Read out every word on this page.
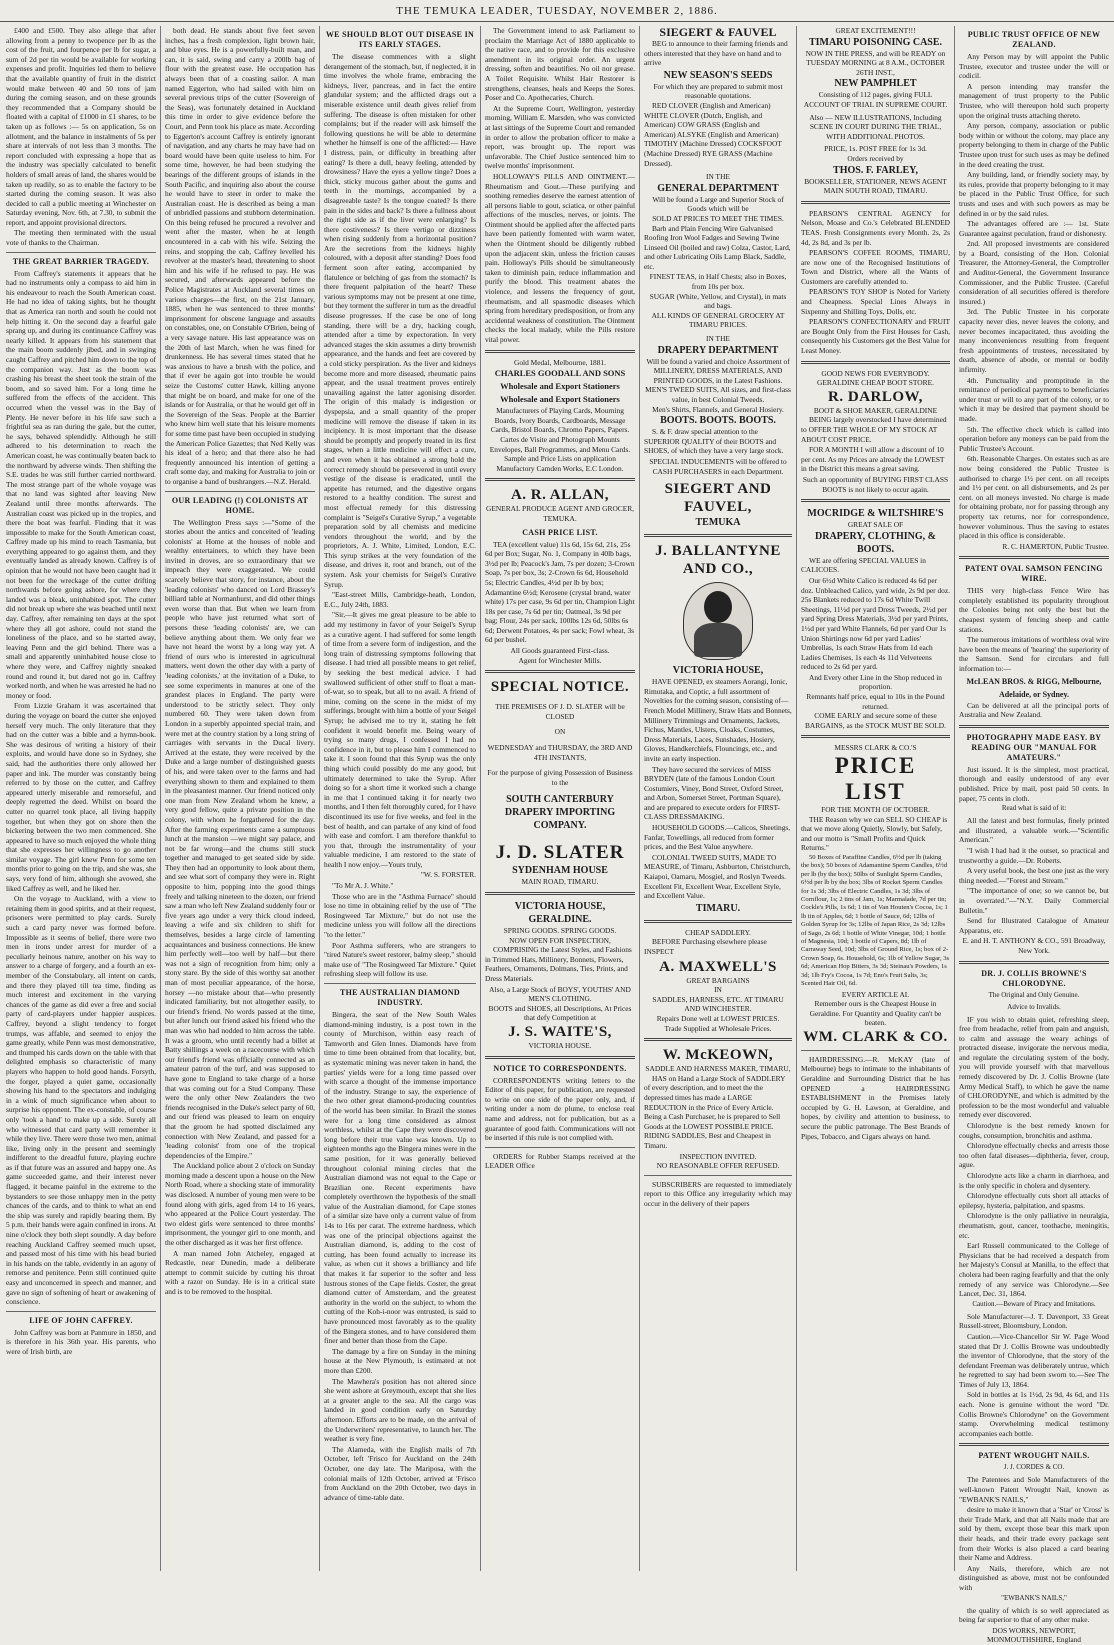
THE TEMUKA LEADER, TUESDAY, NOVEMBER 2, 1886.

£400 and £500. They also allege that after allowing from a penny to twopence per lb as the cost of the fruit, and fourpence per lb for sugar, a sum of 2d per tin would be available for working expenses and profit. Inquiries led them to believe that the available quantity of fruit in the district would make between 40 and 50 tons of jam during the coming season, and on these grounds they recommended that a Company should be floated with a capital of £1000 in £1 shares, to be taken up as follows :— 5s on application, 5s on allotment, and the balance in instalments of 5s per share at intervals of not less than 3 months. The report concluded with expressing a hope that as the industry was specially calculated to benefit holders of small areas of land, the shares would be taken up readily, so as to enable the factory to be started during the coming season. It was also decided to call a public meeting at Winchester on Saturday evening, Nov. 6th, at 7.30, to submit the report, and appoint provisional directors.

The meeting then terminated with the usual vote of thanks to the Chairman.

THE GREAT BARRIER TRAGEDY.

From Caffrey's statements it appears that he had no instruments only a compass to aid him in his endeavour to reach the South American coast. He had no idea of taking sights, but he thought that as America ran north and south he could not help hitting it. On the second day a fearful gale sprang up, and during its continuance Caffrey was nearly killed. It appears from his statement that the main boom suddenly jibed, and in swinging caught Caffrey and pitched him down to the top of the companion way. Just as the boom was crashing his breast the sheet took the strain of the boom, and so saved him. For a long time he suffered from the effects of the accident. This occurred when the vessel was in the Bay of Plenty. He never before in his life saw such a frightful sea as ran during the gale, but the cutter, he says, behaved splendidly. Although he still adhered to his determination to reach the American coast, he was continually beaten back to the northward by adverse winds. Then shifting the S.E. trades he was still further carried northward. The most strange part of the whole voyage was that no land was sighted after leaving New Zealand until three months afterwards. The Australian coast was picked up in the tropics, and there the boat was fearful. Finding that it was impossible to make for the South American coast, Caffrey made up his mind to reach Tasmania, but everything appeared to go against them, and they eventually landed as already known. Caffrey is of opinion that he would not have been caught had it not been for the wreckage of the cutter drifting northwards before going ashore, for where they landed was a bleak, uninhabited spot. The cutter did not break up where she was beached until next day. Caffrey, after remaining ten days at the spot where they all got ashore, could not stand the loneliness of the place, and so he started away, leaving Penn and the girl behind. There was a small and apparently uninhabited house close to where they were, and Caffrey nightly sneaked round and round it, but dared not go in. Caffrey worked north, and when he was arrested he had no money or food.

From Lizzie Graham it was ascertained that during the voyage on board the cutter she enjoyed herself very much. The only literature that they had on the cutter was a bible and a hymn-book. She was desirous of writing a history of their exploits, and would have done so in Sydney, she said, had the authorities there only allowed her paper and ink. The murder was constantly being referred to by those on the cutter, and Caffrey appeared utterly miserable and remorseful, and deeply regretted the deed. Whilst on board the cutter no quarrel took place, all living happily together, but when they got on shore then the bickering between the two men commenced. She appeared to have so much enjoyed the whole thing that she expresses her willingness to go another similar voyage. The girl knew Penn for some ten months prior to going on the trip, and she was, she says, very fond of him, although she avowed, she liked Caffrey as well, and he liked her.

On the voyage to Auckland, with a view to retaining them in good spirits, and at their request, prisoners were permitted to play cards. Surely such a card party never was formed before. Impossible as it seems of belief, there were two men in irons under arrest for murder of a peculiarly heinous nature, another on his way to answer to a charge of forgery, and a fourth an ex-member of the Constabulary, all intent on cards, and there they played till tea time, finding as much interest and excitement in the varying chances of the game as did ever a free and social party of card-players under happier auspices. Caffrey, beyond a slight tendency to forget trumps, was affable, and seemed to enjoy the game greatly, while Penn was most demonstrative, and thumped his cards down on the table with that delighted emphasis so characteristic of many players who happen to hold good hands. Forsyth, the forger, played a quiet game, occasionally showing his hand to the spectators and indulging in a wink of much significance when about to surprise his opponent. The ex-constable, of course only 'took a hand' to make up a side. Surely all who witnessed that card party will remember it while they live. There were those two men, animal like, living only in the present and seemingly indifferent to the dreadful future, playing euchre as if that future was an assured and happy one. As game succeeded game, and their interest never flagged, it became painful in the extreme to the bystanders to see those unhappy men in the petty chances of the cards, and to think to what an end the ship was surely and rapidly bearing them. By 5 p.m. their hands were again confined in irons. At nine o'clock they both slept soundly. A day before reaching Auckland Caffrey seemed much upset, and passed most of his time with his head buried in his hands on the table, evidently in an agony of remorse and penitence. Penn still continued quite easy and unconcerned in speech and manner, and gave no sign of softening of heart or awakening of conscience.

LIFE OF JOHN CAFFREY.

John Caffrey was born at Panmure in 1850, and is therefore in his 36th year. His parents, who were of Irish birth, are

both dead. He stands about five feet seven inches, has a fresh complexion, light brown hair, and blue eyes. He is a powerfully-built man, and can, it is said, swing and carry a 200lb bag of flour with the greatest ease. He occupation has always been that of a coasting sailor. A man named Eggerton, who had sailed with him on several previous trips of the cutter (Sovereign of the Seas), was fortunately detained in Auckland this time in order to give evidence before the Court, and Penn took his place as mate. According to Eggerton's account Caffrey is entirely ignorant of navigation, and any charts he may have had on board would have been quite useless to him. For some time, however, he had been studying the bearings of the different groups of islands in the South Pacific, and inquiring also about the course he would have to steer in order to make the Australian coast. He is described as being a man of unbridled passions and stubborn determination. On this being refused he procured a revolver and went after the master, when he at length encountered in a cab with his wife. Seizing the reins, and stopping the cab, Caffrey levelled his revolver at the master's head, threatening to shoot him and his wife if he refused to pay. He was secured, and afterwards appeared before the Police Magistrates at Auckland several times on various charges—the first, on the 21st January, 1885, when he was sentenced to three months' imprisonment for obscene language and assaults on constables, one, on Constable O'Brien, being of a very savage nature. His last appearance was on the 20th of last March, when he was fined for drunkenness. He has several times stated that he was anxious to have a brush with the police, and that if ever he again got into trouble he would seize the Customs' cutter Hawk, killing anyone that might be on board, and make for one of the islands or for Australia, or that he would get off in the Sovereign of the Seas. People at the Barrier who knew him well state that his leisure moments for some time past have been occupied in studying the American Police Gazettes; that Ned Kelly was his ideal of a hero; and that there also he had frequently announced his intention of getting a craft some day, and making for Australia to join or to organise a band of bushrangers.—N.Z. Herald.

OUR LEADING (!) COLONISTS AT HOME.

The Wellington Press says :—"Some of the stories about the antics and conceited of 'leading colonists' at Home at the houses of noble and wealthy entertainers, to which they have been invited in droves, are so extraordinary that we impeach they were exaggerated. We could scarcely believe that story, for instance, about the 'leading colonists' who danced on Lord Brassey's billiard table at Normanhurst, and did other things even worse than that. But when we learn from people who have just returned what sort of persons these 'leading colonists' are, we can believe anything about them. We only fear we have not heard the worst by a long way yet. A friend of ours who is interested in agricultural matters, went down the other day with a party of 'leading colonists,' at the invitation of a Duke, to see some experiments in manures at one of the grandest places in England. The party were understood to be strictly select. They only numbered 60. They were taken down from London in a superbly appointed special train, and were met at the country station by a long string of carriages with servants in the Ducal livery. Arrived at the estate, they were received by the Duke and a large number of distinguished guests of his, and were taken over to the farms and had everything shown to them and explained to them in the pleasantest manner. Our friend noticed only one man from New Zealand whom he knew, a very good fellow, quite a private position in the colony, with whom he forgathered for the day. After the farming experiments came a sumptuous lunch at the mansion —we might say palace, and not be far wrong—and the chums still stuck together and managed to get seated side by side. They then had an opportunity to look about them, and see what sort of company they were in. Right opposite to him, popping into the good things freely and talking nineteen to the dozen, our friend saw a man who left New Zealand suddenly four or five years ago under a very thick cloud indeed, leaving a wife and six children to shift for themselves, besides a large circle of lamenting acquaintances and business connections. He knew him perfectly well—too well by half—but there was not a sign of recognition from him; only a stony stare. By the side of this worthy sat another man of most peculiar appearance, of the horse, horsey —no mistake about that—who presently indicated familiarity, but not altogether easily, to our friend's friend. No words passed at the time, but after lunch our friend asked his friend who the man was who had nodded to him across the table. It was a groom, who until recently had a billet at Batty shillings a week on a racecourse with which our friend's friend was officially connected as an amateur patron of the turf, and was supposed to have gone to England to take charge of a horse that was coming out for a Stud Company. These were the only other New Zealanders the two friends recognised in the Duke's select party of 60, and our friend was pleased to learn on enquiry that the groom he had spotted disclaimed any connection with New Zealand, and passed for a 'leading colonist' from one of the tropical dependencies of the Empire."

The Auckland police about 2 o'clock on Sunday morning made a descent upon a house on the New North Road, where a shocking state of immorality was disclosed. A number of young men were to be found along with girls, aged from 14 to 16 years, who appeared at the Police Court yesterday. The two eldest girls were sentenced to three months' imprisonment, the younger girl to one month, and the other discharged as it was her first offence.

A man named John Atcheley, engaged at Redcastle, near Dunedin, made a deliberate attempt to commit suicide by cutting his throat with a razor on Sunday. He is in a critical state and is to be removed to the hospital.

WE SHOULD BLOT OUT DISEASE IN ITS EARLY STAGES.

The disease commences with a slight derangement of the stomach, but, if neglected, it in time involves the whole frame, embracing the kidneys, liver, pancreas, and in fact the entire glandular system; and the afflicted drags out a miserable existence until death gives relief from suffering. The disease is often mistaken for other complaints; but if the reader will ask himself the following questions he will be able to determine whether he himself is one of the afflicted:— Have I distress, pain, or difficulty in breathing after eating? Is there a dull, heavy feeling, attended by drowsiness? Have the eyes a yellow tinge? Does a thick, sticky mucous gather about the gums and teeth in the mornings, accompanied by a disagreeable taste? Is the tongue coated? Is there pain in the sides and back? Is there a fullness about the right side as if the liver were enlarging? Is there costiveness? Is there vertigo or dizziness when rising suddenly from a horizontal position? Are the secretions from the kidneys highly coloured, with a deposit after standing? Does food ferment soon after eating, accompanied by flatulence or belching of gas from the stomach? Is there frequent palpitation of the heart? These various symptoms may not be present at one time, but they torment the sufferer in turn as the dreadful disease progresses. If the case be one of long standing, there will be a dry, hacking cough, attended after a time by expectoration. In very advanced stages the skin assumes a dirty brownish appearance, and the hands and feet are covered by a cold sticky perspiration. As the liver and kidneys become more and more diseased, rheumatic pains appear, and the usual treatment proves entirely unavailing against the latter agonising disorder. The origin of this malady is indigestion or dyspepsia, and a small quantity of the proper medicine will remove the disease if taken in its incipiency. It is most important that the disease should be promptly and properly treated in its first stages, when a little medicine will effect a cure, and even when it has obtained a strong hold the correct remedy should be persevered in until every vestige of the disease is eradicated, until the appetite has returned, and the digestive organs restored to a healthy condition. The surest and most effectual remedy for this distressing complaint is "Seigel's Curative Syrup," a vegetable preparation sold by all chemists and medicine vendors throughout the world, and by the proprietors, A. J. White, Limited, London, E.C. This syrup strikes at the very foundation of the disease, and drives it, root and branch, out of the system. Ask your chemists for Seigel's Curative Syrup.

"East-street Mills, Cambridge-heath, London, E.C., July 24th, 1883.

"Sir,—It gives me great pleasure to be able to add my testimony in favor of your Seigel's Syrup as a curative agent. I had suffered for some length of time from a severe form of indigestion, and the long train of distressing symptoms following that disease. I had tried all possible means to get relief, by seeking the best medical advice. I had swallowed sufficient of other stuff to float a man-of-war, so to speak, but all to no avail. A friend of mine, coming on the scene in the midst of my sufferings, brought with him a bottle of your Seigel Syrup; he advised me to try it, stating he felt confident it would benefit me. Being weary of trying so many drugs, I confessed I had no confidence in it, but to please him I commenced to take it. I soon found that this Syrup was the only thing which could possibly do me any good, but ultimately determined to take the Syrup. After doing so for a short time it worked such a change in me that I continued taking it for nearly two months, and I then felt thoroughly cured, for I have discontinued its use for five weeks, and feel in the best of health, and can partake of any kind of food with ease and comfort. I am therefore thankful to you that, through the instrumentality of your valuable medicine, I am restored to the state of health I now enjoy.—Yours truly,

"W. S. FORSTER.

"To Mr A. J. White."

Those who are in the "Asthma Furnace" should lose no time in obtaining relief by the use of "The Rosingweed Tar Mixture," but do not use the medicine unless you will follow all the directions "to the letter."

Poor Asthma sufferers, who are strangers to "tired Nature's sweet restorer, balmy sleep," should make use of "The Rosingweed Tar Mixture." Quiet refreshing sleep will follow its use.

THE AUSTRALIAN DIAMOND INDUSTRY.

Bingera, the seat of the New South Wales diamond-mining industry, is a post town in the county of Murchison, within easy reach of Tamworth and Glen Innes. Diamonds have from time to time been obtained from that locality, but, as systematic mining was never taken in hand, the parties' yields were for a long time passed over with scarce a thought of the immense importance of the industry. Strange to say, the experience of the two other great diamond-producing countries of the world has been similar. In Brazil the stones were for a long time considered as almost worthless, whilst at the Cape they were discovered long before their true value was known. Up to eighteen months ago the Bingera mines were in the same position, for it was generally believed throughout colonial mining circles that the Australian diamond was not equal to the Cape or Brazilian one. Recent experiments have completely overthrown the hypothesis of the small value of the Australian diamond, for Cape stones of a similar size have only a current value of from 14s to 16s per carat. The extreme hardness, which was one of the principal objections against the Australian diamond, is, adding to the cost of cutting, has been found actually to increase its value, as when cut it shows a brilliancy and life that makes it far superior to the softer and less lustrous stones of the Cape fields. Coster, the great diamond cutter of Amsterdam, and the greatest authority in the world on the subject, to whom the cutting of the Koh-i-noor was entrusted, is said to have pronounced most favorably as to the quality of the Bingera stones, and to have considered them finer and better than those from the Cape.

The damage by a fire on Sunday in the mining house at the New Plymouth, is estimated at not more than £200.

The Mawhera's position has not altered since she went ashore at Greymouth, except that she lies at a greater angle to the sea. All the cargo was landed in good condition early on Saturday afternoon. Efforts are to be made, on the arrival of the Underwriters' representative, to launch her. The weather is very fine.

The Alameda, with the English mails of 7th October, left 'Frisco for Auckland on the 24th October, one day late. The Mariposa, with the colonial mails of 12th October, arrived at 'Frisco from Auckland on the 20th October, two days in advance of time-table date.

The Government intend to ask Parliament to proclaim the Marriage Act of 1880 applicable to the native race, and to provide for this exclusive amendment in its original order. An urgent dressing, soften and beautifies. No oil nor grease. A Toilet Requisite. Whilst Hair Restorer is strengthens, cleanses, heals and Keeps the Sores. Poser and Co. Apothecaries, Church.

At the Supreme Court, Wellington, yesterday morning, William E. Marsden, who was convicted at last sittings of the Supreme Court and remanded in order to allow the probation officer to make a report, was brought up. The report was unfavorable. The Chief Justice sentenced him to twelve months' imprisonment.

HOLLOWAY'S PILLS AND OINTMENT.—Rheumatism and Gout.—These purifying and soothing remedies deserve the earnest attention of all persons liable to gout, sciatica, or other painful affections of the muscles, nerves, or joints. The Ointment should be applied after the affected parts have been patiently fomented with warm water, when the Ointment should be diligently rubbed upon the adjacent skin, unless the friction causes pain. Holloway's Pills should be simultaneously taken to diminish pain, reduce inflammation and purify the blood. This treatment abates the violence, and lessens the frequency of gout, rheumatism, and all spasmodic diseases which spring from hereditary predisposition, or from any accidental weakness of constitution. The Ointment checks the local malady, while the Pills restore vital power.

Gold Medal, Melbourne, 1881.
CHARLES GOODALL AND SONS Wholesale and Export Stationers Wholesale and Export Stationers
Manufacturers of Playing Cards, Mourning Boards, Ivory Boards, Cardboards, Message Cards, Bristol Boards, Chromo Papers, Papers.
Cartes de Visite and Photograph Mounts Envelopes, Ball Programmes, and Menu Cards.
Sample and Price Lists on application
Manufactory Camden Works, E.C London.
A. R. ALLAN,
GENERAL PRODUCE AGENT AND GROCER, TEMUKA.
CASH PRICE LIST.

TEA (excellent value) 11s 6d, 15s 6d, 21s, 25s 6d per Box; Sugar, No. 1, Company in 40lb bags, 3½d per lb; Peacock's Jam, 7s per dozen; 3-Crown Soap, 7s per box, 3s; 2-Crown 6s 6d, Household 5s; Electric Candles, 4½d per lb by box; Adamantine 6½d; Kerosene (crystal brand, water white) 17s per case, 9s 6d per tin, Champion Light 18s per case, 7s 6d per tin; Oatmeal, 3s 9d per bag; Flour, 24s per sack, 100lbs 12s 6d, 50lbs 6s 6d; Derwent Potatoes, 4s per sack; Fowl wheat, 3s 6d per bushel.

All Goods guaranteed First-class.
Agent for Winchester Mills.
SPECIAL NOTICE.
THE PREMISES OF J. D. SLATER will be CLOSED
ON
WEDNESDAY and THURSDAY, the 3RD AND 4TH INSTANTS,
For the purpose of giving Possession of Business to the
SOUTH CANTERBURY DRAPERY IMPORTING COMPANY.
J. D. SLATER
SYDENHAM HOUSE
MAIN ROAD, TIMARU.
VICTORIA HOUSE, GERALDINE.
SPRING GOODS. SPRING GOODS.
NOW OPEN FOR INSPECTION,

COMPRISING the Latest Styles, and Fashions in Trimmed Hats, Millinery, Bonnets, Flowers, Feathers, Ornaments, Dolmans, Ties, Prints, and Dress Materials.

Also, a Large Stock of BOYS', YOUTHS' AND MEN'S CLOTHING.
BOOTS and SHOES, all Descriptions, At Prices that defy Competition at
J. S. WAITE'S,
VICTORIA HOUSE.
NOTICE TO CORRESPONDENTS.

CORRESPONDENTS writing letters to the Editor of this paper, for publication, are requested to write on one side of the paper only, and, if writing under a nom de plume, to enclose real name and address, not for publication, but as a guarantee of good faith. Communications will not be inserted if this rule is not complied with.

ORDERS for Rubber Stamps received at the LEADER Office

SIEGERT & FAUVEL

BEG to announce to their farming friends and others interested that they have on hand and to arrive

NEW SEASON'S SEEDS
For which they are prepared to submit most reasonable quotations.

RED CLOVER (English and American) WHITE CLOVER (Dutch, English, and American) COW GRASS (English and American) ALSYKE (English and American) TIMOTHY (Machine Dressed) COCKSFOOT (Machine Dressed) RYE GRASS (Machine Dressed).

IN THE
GENERAL DEPARTMENT
Will be found a Large and Superior Stock of Goods which will be
SOLD AT PRICES TO MEET THE TIMES.

Barb and Plain Fencing Wire Galvanised Roofing Iron Wool Fadges and Sewing Twine Linseed Oil (boiled and raw) Colza, Castor, Lard, and other Lubricating Oils Lamp Black, Saddle, etc.

FINEST TEAS, in Half Chests; also in Boxes, from 10s per box.
SUGAR (White, Yellow, and Crystal), in mats and bags.
ALL KINDS OF GENERAL GROCERY AT TIMARU PRICES.
IN THE
DRAPERY DEPARTMENT
Will be found a varied and choice Assortment of
MILLINERY, DRESS MATERIALS, AND PRINTED GOODS, in the Latest Fashions.
MEN'S TWEED SUITS, All sizes, and first-class value, in best Colonial Tweeds.
Men's Shirts, Flannels, and General Hosiery.
BOOTS. BOOTS. BOOTS.

S. & F. draw special attention to the SUPERIOR QUALITY of their BOOTS and SHOES, of which they have a very large stock.

SPECIAL INDUCEMENTS will be offered to CASH PURCHASERS in each Department.
SIEGERT AND FAUVEL,
TEMUKA
J. BALLANTYNE AND CO.,
VICTORIA HOUSE,

HAVE OPENED, ex steamers Aorangi, Ionic, Rimutaka, and Coptic, a full assortment of Novelties for the coming season, consisting of—French Model Millinery, Straw Hats and Bonnets, Millinery Trimmings and Ornaments, Jackets, Fichus, Mantles, Ulsters, Cloaks, Costumes, Dress Materials, Laces, Sunshades, Hosiery, Gloves, Handkerchiefs, Flouncings, etc., and invite an early inspection.

They have secured the services of MISS BRYDEN (late of the famous London Court Costumiers, Viney, Bond Street, Oxford Street, and Arbon, Somerset Street, Portman Square), and are prepared to execute orders for FIRST-CLASS DRESSMAKING.

HOUSEHOLD GOODS.—Calicos, Sheetings, Fanfar, Towellings, all reduced from former prices, and the Best Value anywhere.

COLONIAL TWEED SUITS, MADE TO MEASURE, of Timaru, Ashburton, Christchurch, Kaiapoi, Oamaru, Mosgiel, and Roslyn Tweeds. Excellent Fit, Excellent Wear, Excellent Style, and Excellent Value.

TIMARU.
CHEAP SADDLERY.

BEFORE Purchasing elsewhere please INSPECT

A. MAXWELL'S
GREAT BARGAINS
IN
SADDLES, HARNESS, ETC. AT TIMARU AND WINCHESTER.
Repairs Done well at LOWEST PRICES.
Trade Supplied at Wholesale Prices.
W. McKEOWN,
SADDLE AND HARNESS MAKER, TIMARU,

HAS on Hand a Large Stock of SADDLERY of every description, and to meet the the depressed times has made a LARGE REDUCTION in the Price of Every Article. Being a Cash Purchaser, he is prepared to Sell Goods at the LOWEST POSSIBLE PRICE. RIDING SADDLES, Best and Cheapest in Timaru.

INSPECTION INVITED.
NO REASONABLE OFFER REFUSED.

SUBSCRIBERS are requested to immediately report to this Office any irregularity which may occur in the delivery of their papers

GREAT EXCITEMENT!!!
TIMARU POISONING CASE.
NOW IN THE PRESS, and will be READY on
TUESDAY MORNING at 8 A.M., OCTOBER 26TH INST.,
NEW PAMPHLET
Consisting of 112 pages, giving FULL ACCOUNT OF TRIAL IN SUPREME COURT.
Also — NEW ILLUSTRATIONS, Including SCENE IN COURT DURING THE TRIAL, WITH ADDITIONAL PHOTOS.
PRICE, 1s. POST FREE for 1s 3d.
Orders received by
THOS. F. FARLEY,
BOOKSELLER, STATIONER, NEWS AGENT MAIN SOUTH ROAD, TIMARU.

PEARSON'S CENTRAL AGENCY for Nelson, Moase and Co.'s Celebrated BLENDED TEAS. Fresh Consignments every Month. 2s, 2s 4d, 2s 8d, and 3s per lb.

PEARSON'S COFFEE ROOMS, TIMARU, are now one of the Recognised Institutions of Town and District, where all the Wants of Customers are carefully attended to.

PEARSON'S TOY SHOP is Noted for Variety and Cheapness. Special Lines Always in Sixpenny and Shilling Toys, Dolls, etc.

PEARSON'S CONFECTIONARY and FRUIT are Bought Only from the First Houses for Cash, consequently his Customers get the Best Value for Least Money.

GOOD NEWS FOR EVERYBODY.
GERALDINE CHEAP BOOT STORE.
R. DARLOW,
BOOT & SHOE MAKER, GERALDINE

BEING largely overstocked I have determined to OFFER THE WHOLE OF MY STOCK AT ABOUT COST PRICE.

FOR A MONTH I will allow a discount of 10 per cent. As my Prices are already the LOWEST in the District this means a great saving.

Such an opportunity of BUYING FIRST CLASS BOOTS is not likely to occur again.
MOCRIDGE & WILTSHIRE'S
GREAT SALE OF
DRAPERY, CLOTHING, & BOOTS.

WE are offering SPECIAL VALUES in CALICOES.

Our 6½d White Calico is reduced 4s 6d per doz. Unbleached Calico, yard wide, 2s 9d per doz. 25s Blankets reduced to 17s 6d White Twill Sheetings, 11½d per yard Dress Tweeds, 2½d per yard Spring Dress Materials, 3½d per yard Prints, 1½d per yard White Flannels, 6d per yard Our 1s Union Shirtings now 6d per yard Ladies' Umbrellas, 1s each Straw Hats from 1d each Ladies Chemises, 1s each 4s 11d Velveteens reduced to 2s 6d per yard.

And Every other Line in the Shop reduced in proportion.
Remnants half price, equal to 10s in the Pound returned.
COME EARLY and secure some of these BARGAINS, as the STOCK MUST BE SOLD.
MESSRS CLARK & CO.'S
PRICE LIST
FOR THE MONTH OF OCTOBER.

THE Reason why we can SELL SO CHEAP is that we move along Quietly, Slowly, but Safely, and our motto is "Small Profits and Quick Returns."

50 Boxes of Paraffine Candles, 6½d per lb (taking the box); 50 boxes of Adamantine Sperm Candles, 6½d per lb (by the box); 50lbs of Sunlight Sperm Candles, 6½d per lb by the box; 3lbs of Rocket Sperm Candles for 1s 3d; 3lbs of Electric Candles, 1s 3d; 3lbs of Cornflour, 1s; 2 tins of Jam, 1s; Marmalade, 7d per tin; Cockle's Pills, 1s 6d; 1 tin of Van Houten's Cocoa, 1s; 1 lb tin of Apples, 6d; 1 bottle of Sauce, 6d; 12lbs of Golden Syrup for 3s; 12lbs of Japan Rice, 2s 3d; 12lbs of Sago, 2s 6d; 1 bottle of White Vinegar, 10d; 1 bottle of Magnesia, 10d; 1 bottle of Capers, 8d; 1lb of Carraway Seed, 10d; 3lbs of Ground Rice, 1s; box of 2-Crown Soap, 6s. Household, 6s; 1lb of Yellow Sugar, 3s 6d; American Hop Bitters, 3s 3d; Steinau's Powders, 1s 3d; 1lb Fry's Cocoa, 1s 7d; Eno's Fruit Salts, 3s; Scented Hair Oil, 6d.

EVERY ARTICLE AI.
Remember ours is the Cheapest House in Geraldine. For Quantity and Quality can't be beaten.
WM. CLARK & CO.

HAIRDRESSING.—R. McKAY (late of Melbourne) begs to intimate to the inhabitants of Geraldine and Surrounding District that he has OPENED a HAIRDRESSING ESTABLISHMENT in the Premises lately occupied by G. H. Lawson, at Geraldine, and hopes, by civility and attention to business, to secure the public patronage. The Best Brands of Pipes, Tobacco, and Cigars always on hand.

PUBLIC TRUST OFFICE OF NEW ZEALAND.

Any Person may by will appoint the Public Trustee, executor and trustee under the will or codicil.

A person intending may transfer the management of trust property to the Public Trustee, who will thereupon hold such property upon the original trusts attaching thereto.

Any person, company, association or public body within or without the colony, may place any property belonging to them in charge of the Public Trustee upon trust for such uses as may be defined in the deed creating the trust.

Any building, land, or friendly society may, by its rules, provide that property belonging to it may be placed in the Public Trust Office, for such trusts and uses and with such powers as may be defined in or by the said rules.

The advantages offered are :— 1st. State Guarantee against peculation, fraud or dishonesty.

2nd. All proposed investments are considered by a Board, consisting of the Hon. Colonial Treasurer, the Attorney-General, the Comptroller and Auditor-General, the Government Insurance Commissioner, and the Public Trustee. (Careful consideration of all securities offered is therefore insured.)

3rd. The Public Trustee in his corporate capacity never dies, never leaves the colony, and never becomes incapacitated, thus avoiding the many inconveniences resulting from frequent fresh appointments of trustees, necessitated by death, absence of abode, or mental or bodily infirmity.

4th. Punctuality and promptitude in the remittance of periodical payments to beneficiaries under trust or will to any part of the colony, or to which it may be desired that payment should be made.

5th. The effective check which is called into operation before any moneys can be paid from the Public Trustee's Account.

6th. Reasonable Charges. On estates such as are now being considered the Public Trustee is authorised to charge 1½ per cent. on all receipts and 1½ per cent. on all disbursements, and 2s per cent. on all moneys invested. No charge is made for obtaining probate, nor for passing through any property tax returns, nor for correspondence, however voluminous. Thus the saving to estates placed in this office is considerable.

R. C. HAMERTON, Public Trustee.

PATENT OVAL SAMSON FENCING WIRE.

THIS very high-class Fence Wire has completely established its popularity throughout the Colonies being not only the best but the cheapest system of fencing sheep and cattle stations.

The numerous imitations of worthless oval wire have been the means of 'hearing' the superiority of the Samson. Send for circulars and full information to:—

McLEAN BROS. & RIGG, Melbourne, Adelaide, or Sydney.

Can be delivered at all the principal ports of Australia and New Zealand.

PHOTOGRAPHY MADE EASY. BY READING OUR "MANUAL FOR AMATEURS."

Just issued. It is the simplest, most practical, thorough and easily understood of any ever published. Price by mail, post paid 50 cents. In paper, 75 cents in cloth.

Read what is said of it:

All the latest and best formulas, finely printed and illustrated, a valuable work.—"Scientific American."

"I wish I had had it the outset, so practical and trustworthy a guide.—Dr. Roberts.

A very useful book, the best one just as the very thing needed.—"Forest and Stream."

"The importance of one; so we cannot be, but in overrated."—"N.Y. Daily Commercial Bulletin."

Send for Illustrated Catalogue of Amateur Apparatus, etc.

E. and H. T. ANTHONY & CO., 591 Broadway, New York.
DR. J. COLLIS BROWNE'S CHLORODYNE.
The Original and Only Genuine.
Advice to Invalids.

IF you wish to obtain quiet, refreshing sleep, free from headache, relief from pain and anguish, to calm and assuage the weary achings of protracted disease, invigorate the nervous media, and regulate the circulating system of the body, you will provide yourself with that marvellous remedy discovered by Dr. J. Collis Browne (late Army Medical Staff), to which he gave the name of CHLORODYNE, and which is admitted by the profession to be the most wonderful and valuable remedy ever discovered.

Chlorodyne is the best remedy known for coughs, consumption, bronchitis and asthma.

Chlorodyne effectually checks and arrests those too often fatal diseases—diphtheria, fever, croup, ague.

Chlorodyne acts like a charm in diarrhoea, and is the only specific in cholera and dysentery.

Chlorodyne effectually cuts short all attacks of epilepsy, hysteria, palpitation, and spasms.

Chlorodyne is the only palliative in neuralgia, rheumatism, gout, cancer, toothache, meningitis, etc.

Earl Russell communicated to the College of Physicians that he had received a despatch from her Majesty's Consul at Manilla, to the effect that cholera had been raging fearfully and that the only remedy of any service was Chlorodyne.—See Lancet, Dec. 31, 1864.

Caution.—Beware of Piracy and Imitations.

Sole Manufacturer—J. T. Davenport, 33 Great Russell-street, Bloomsbury, London.

Caution.—Vice-Chancellor Sir W. Page Wood stated that Dr J. Collis Browne was undoubtedly the inventor of Chlorodyne, that the story of the defendant Freeman was deliberately untrue, which he regretted to say had been sworn to.—See The Times of July 13, 1864.

Sold in bottles at 1s 1½d, 2s 9d, 4s 6d, and 11s each. None is genuine without the word "Dr. Collis Browne's Chlorodyne" on the Government stamp. Overwhelming medical testimony accompanies each bottle.

PATENT WROUGHT NAILS.
J. J. CORDES & CO.

The Patentees and Sole Manufacturers of the well-known Patent Wrought Nail, known as "EWBANK'S NAILS,"

desire to make it known that a 'Star' or 'Cross' is their Trade Mark, and that all Nails made that are sold by them, except those bear this mark upon their heads, and their trade every package sent from their Works is also placed a card bearing their Name and Address.

Any Nails, therefore, which are not distinguished as above, must not be confounded with

"EWBANK'S NAILS,"

the quality of which is so well appreciated as being far superior to that of any other make.

DOS WORKS, NEWPORT, MONMOUTHSHIRE, England
